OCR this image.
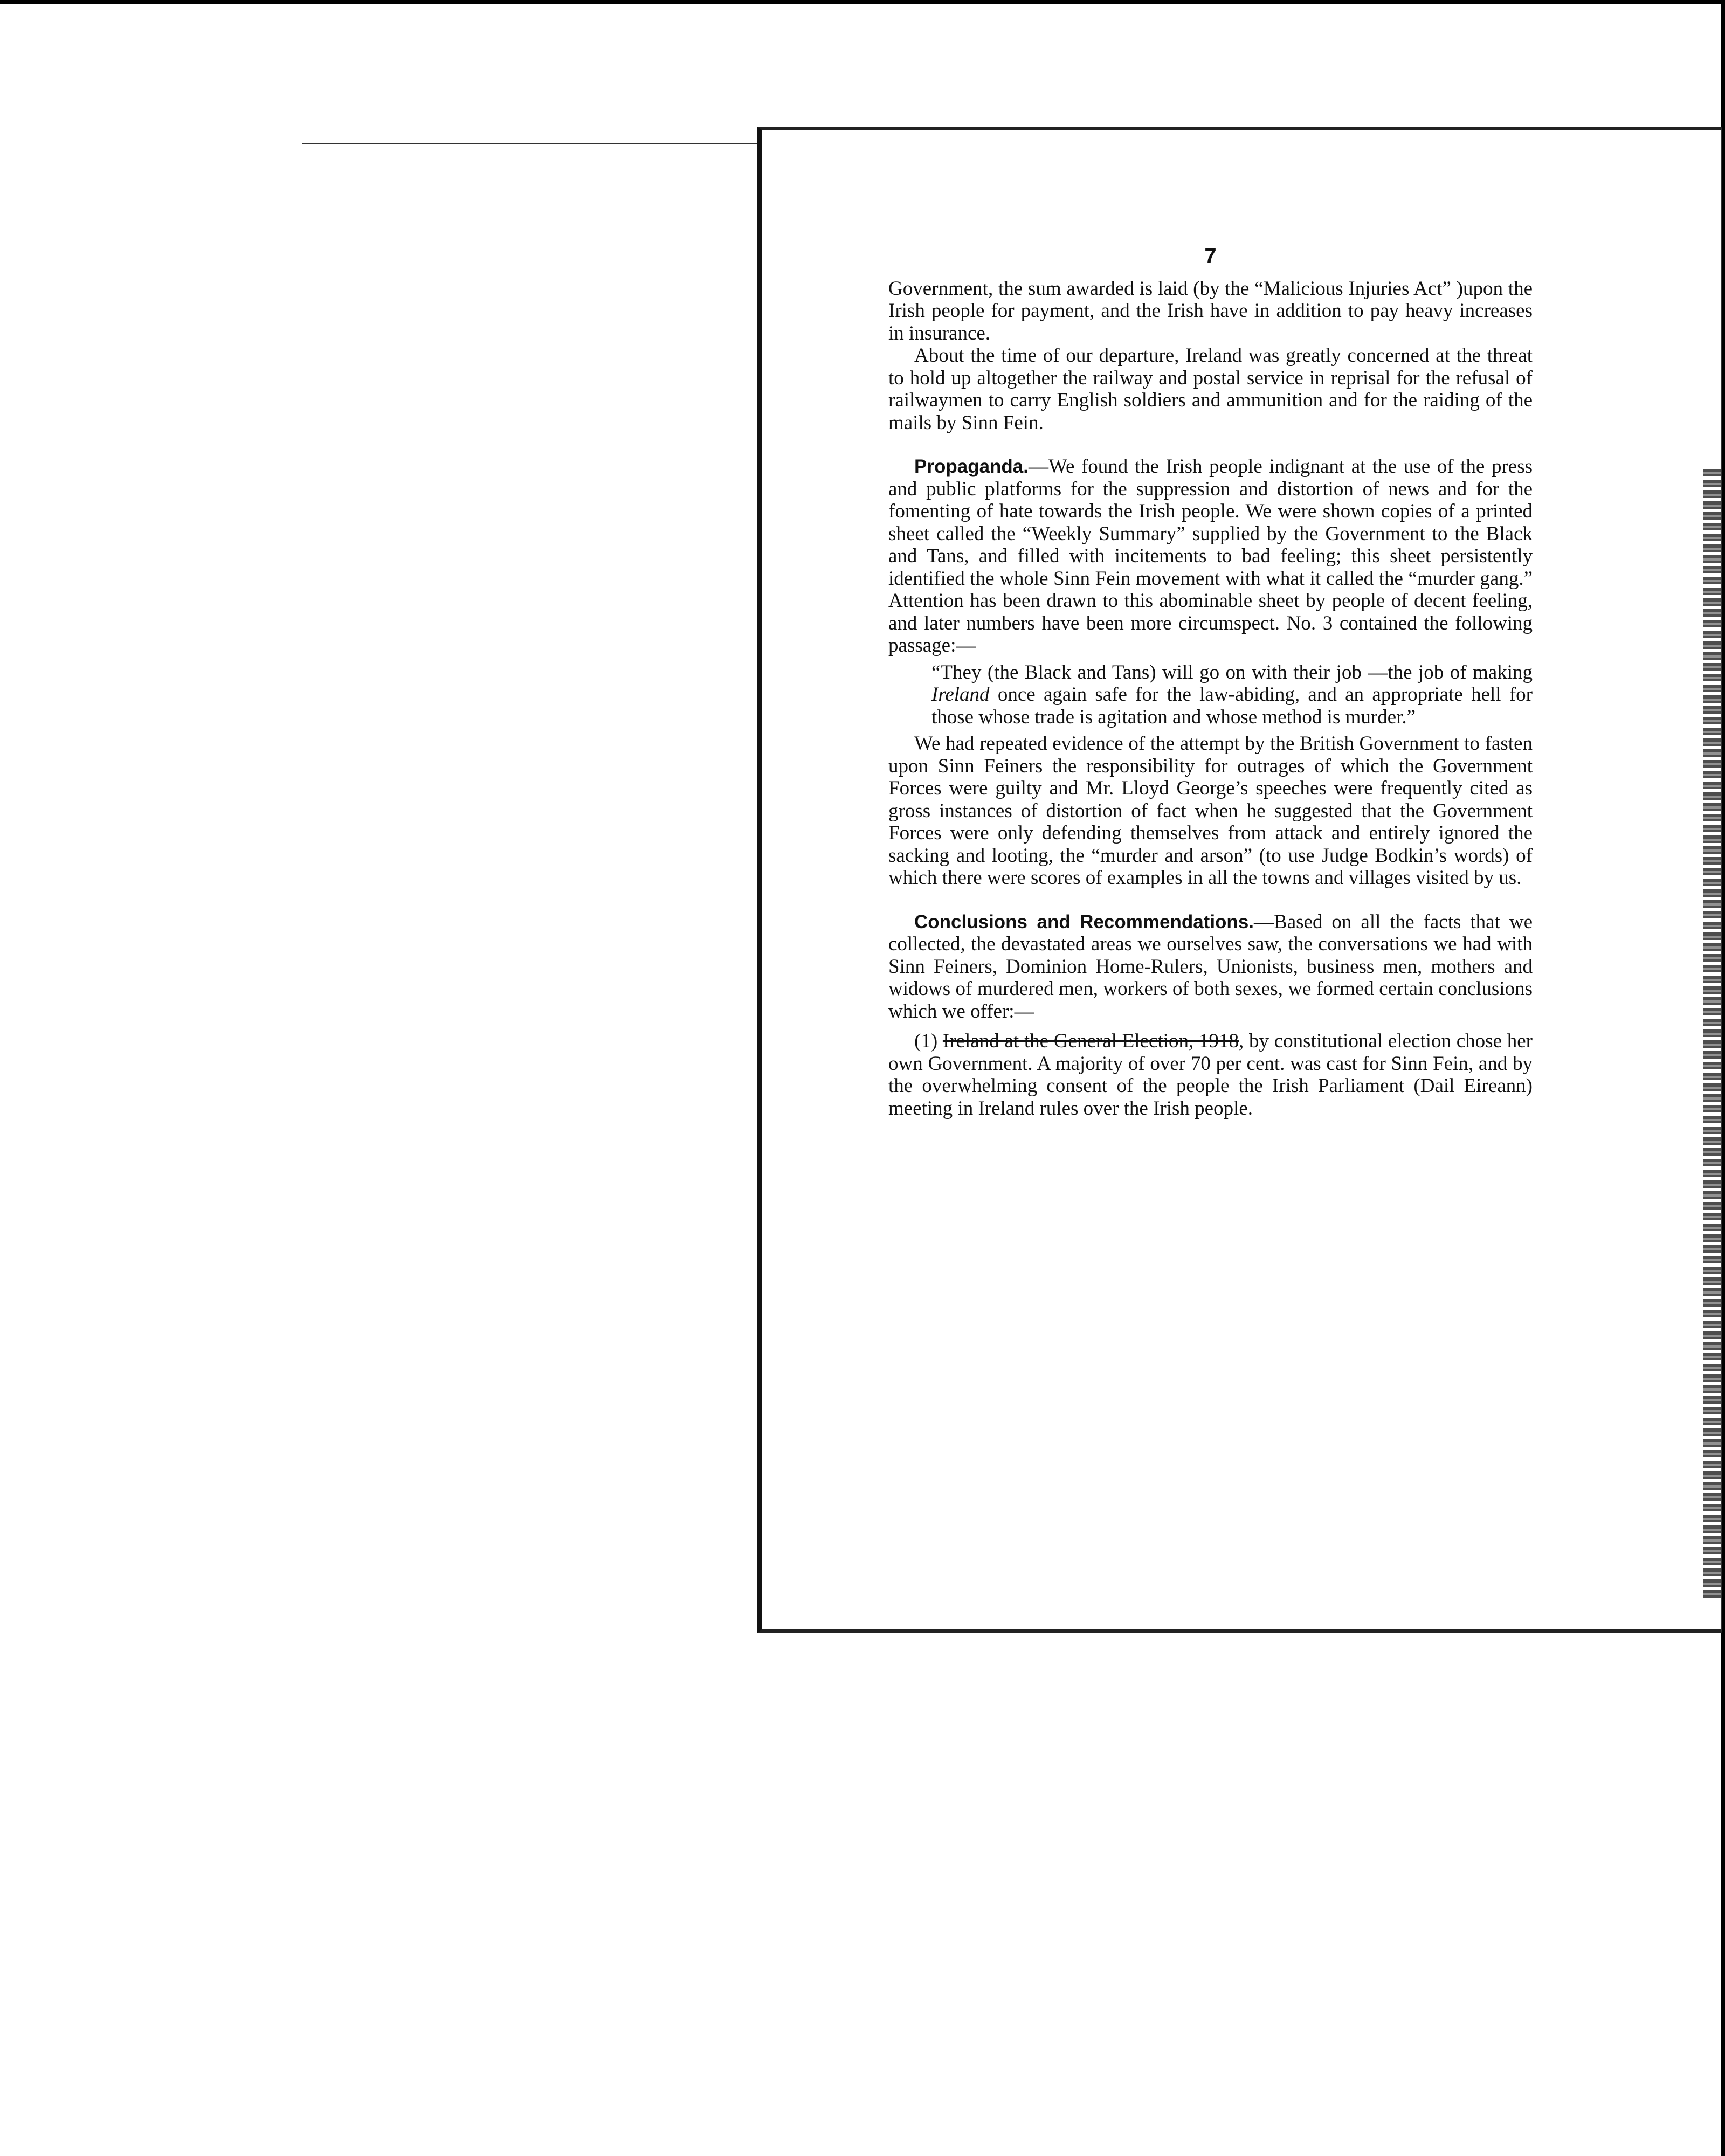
7

Government, the sum awarded is laid (by the “Malicious Injuries Act” )upon the Irish people for payment, and the Irish have in addition to pay heavy increases in insurance.

About the time of our departure, Ireland was greatly concerned at the threat to hold up altogether the railway and postal service in reprisal for the refusal of railwaymen to carry English soldiers and ammunition and for the raiding of the mails by Sinn Fein.

Propaganda.—We found the Irish people indignant at the use of the press and public platforms for the suppression and distortion of news and for the fomenting of hate towards the Irish people. We were shown copies of a printed sheet called the “Weekly Summary” supplied by the Government to the Black and Tans, and filled with incitements to bad feeling; this sheet persistently identified the whole Sinn Fein movement with what it called the “murder gang.” Attention has been drawn to this abominable sheet by people of decent feeling, and later numbers have been more circumspect. No. 3 contained the following passage:—

“They (the Black and Tans) will go on with their job —the job of making Ireland once again safe for the law-abiding, and an appropriate hell for those whose trade is agitation and whose method is murder.”

We had repeated evidence of the attempt by the British Government to fasten upon Sinn Feiners the responsibility for outrages of which the Government Forces were guilty and Mr. Lloyd George’s speeches were frequently cited as gross instances of distortion of fact when he suggested that the Government Forces were only defending themselves from attack and entirely ignored the sacking and looting, the “murder and arson” (to use Judge Bodkin’s words) of which there were scores of examples in all the towns and villages visited by us.

Conclusions and Recommendations.—Based on all the facts that we collected, the devastated areas we ourselves saw, the conversations we had with Sinn Feiners, Dominion Home-Rulers, Unionists, business men, mothers and widows of murdered men, workers of both sexes, we formed certain conclusions which we offer:—

(1) Ireland at the General Election, 1918, by constitutional election chose her own Government. A majority of over 70 per cent. was cast for Sinn Fein, and by the overwhelming consent of the people the Irish Parliament (Dail Eireann) meeting in Ireland rules over the Irish people.
